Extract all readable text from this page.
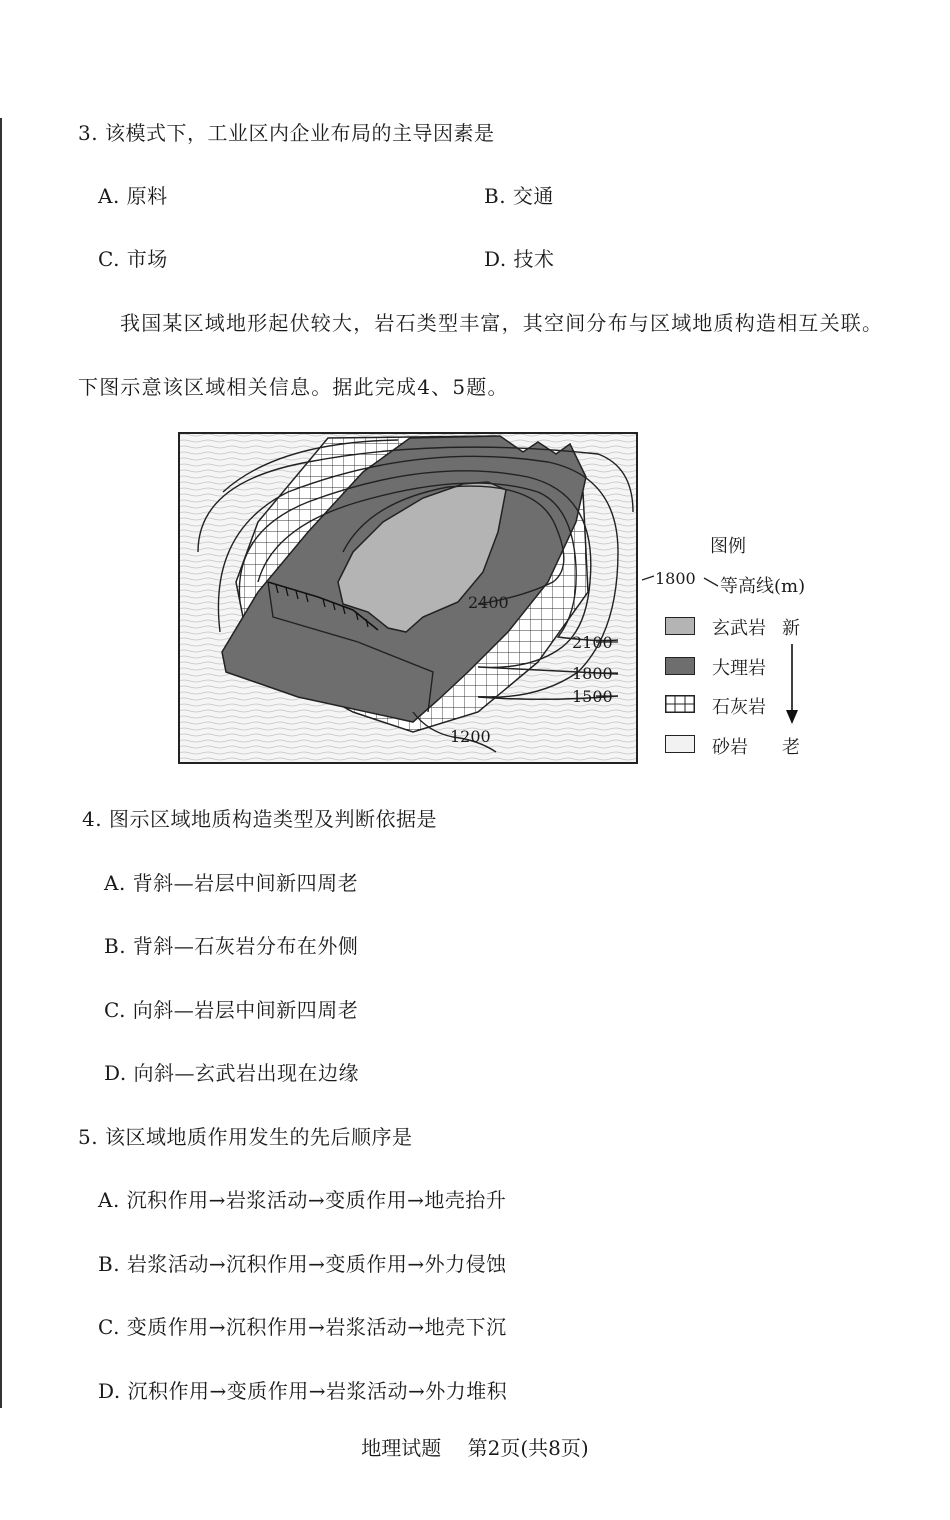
3. 该模式下，工业区内企业布局的主导因素是
A. 原料	B. 交通
C. 市场	D. 技术
我国某区域地形起伏较大，岩石类型丰富，其空间分布与区域地质构造相互关联。
下图示意该区域相关信息。据此完成4、5题。
2400
2100
1800
1500
1200
图例
1800 等高线(m)
玄武岩
大理岩
石灰岩
砂岩
新
老
4. 图示区域地质构造类型及判断依据是
A. 背斜—岩层中间新四周老
B. 背斜—石灰岩分布在外侧
C. 向斜—岩层中间新四周老
D. 向斜—玄武岩出现在边缘
5. 该区域地质作用发生的先后顺序是
A. 沉积作用→岩浆活动→变质作用→地壳抬升
B. 岩浆活动→沉积作用→变质作用→外力侵蚀
C. 变质作用→沉积作用→岩浆活动→地壳下沉
D. 沉积作用→变质作用→岩浆活动→外力堆积
地理试题 第2页(共8页)
